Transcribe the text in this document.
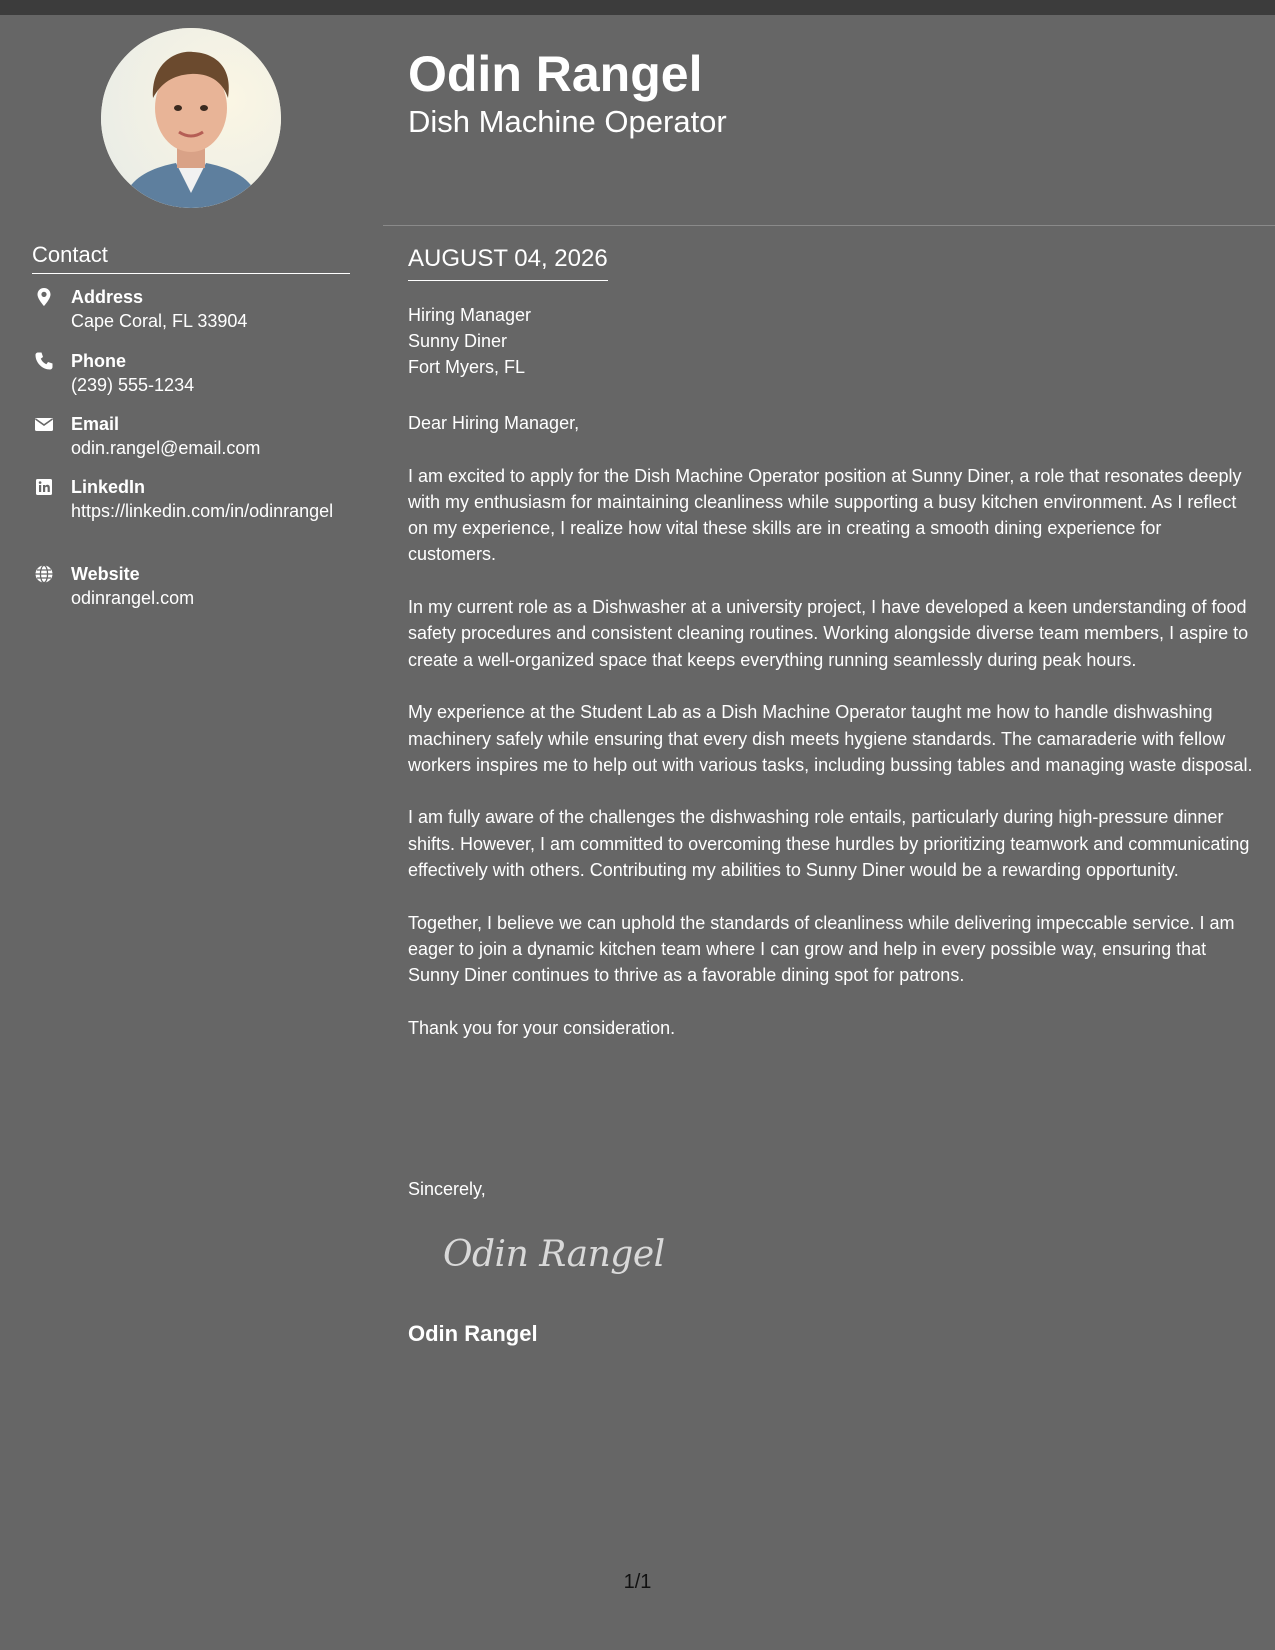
Contact
Address
Cape Coral, FL 33904
Phone
(239) 555-1234
Email
odin.rangel@email.com
LinkedIn
https://linkedin.com/in/odinrangel
Website
odinrangel.com
Odin Rangel
Dish Machine Operator
AUGUST 04, 2026
Hiring Manager
Sunny Diner
Fort Myers, FL

Dear Hiring Manager,

I am excited to apply for the Dish Machine Operator position at Sunny Diner, a role that resonates deeply with my enthusiasm for maintaining cleanliness while supporting a busy kitchen environment. As I reflect on my experience, I realize how vital these skills are in creating a smooth dining experience for customers.

In my current role as a Dishwasher at a university project, I have developed a keen understanding of food safety procedures and consistent cleaning routines. Working alongside diverse team members, I aspire to create a well-organized space that keeps everything running seamlessly during peak hours.

My experience at the Student Lab as a Dish Machine Operator taught me how to handle dishwashing machinery safely while ensuring that every dish meets hygiene standards. The camaraderie with fellow workers inspires me to help out with various tasks, including bussing tables and managing waste disposal.

I am fully aware of the challenges the dishwashing role entails, particularly during high-pressure dinner shifts. However, I am committed to overcoming these hurdles by prioritizing teamwork and communicating effectively with others. Contributing my abilities to Sunny Diner would be a rewarding opportunity.

Together, I believe we can uphold the standards of cleanliness while delivering impeccable service. I am eager to join a dynamic kitchen team where I can grow and help in every possible way, ensuring that Sunny Diner continues to thrive as a favorable dining spot for patrons.

Thank you for your consideration.

Sincerely,
Odin Rangel
Odin Rangel
1/1
